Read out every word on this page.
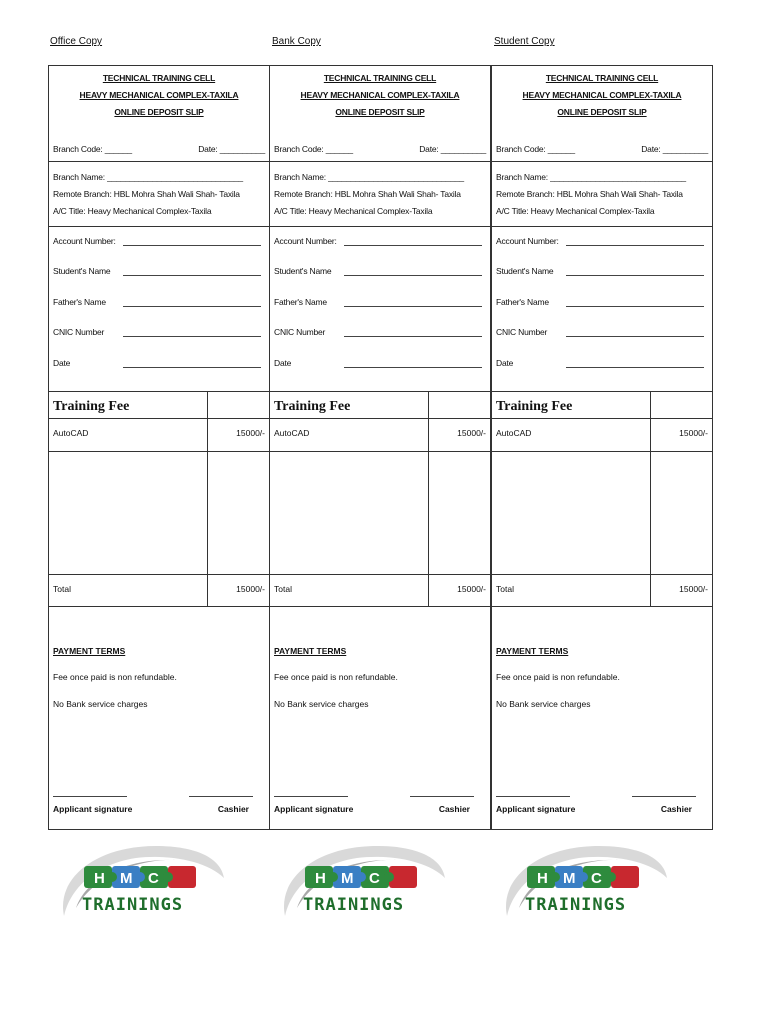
Office Copy	Bank Copy	Student Copy
TECHNICAL TRAINING CELL
HEAVY MECHANICAL COMPLEX-TAXILA
ONLINE DEPOSIT SLIP
Branch Code: ______	Date: __________
Branch Name: ______________________________
Remote Branch: HBL Mohra Shah Wali Shah- Taxila
A/C Title: Heavy Mechanical Complex-Taxila
Account Number:
Student's Name
Father's Name
CNIC Number
Date
Training Fee
AutoCAD	15000/-
Total	15000/-
PAYMENT TERMS
Fee once paid is non refundable.
No Bank service charges
Applicant signature	Cashier
H M C
TRAININGS
TECHNICAL TRAINING CELL
HEAVY MECHANICAL COMPLEX-TAXILA
ONLINE DEPOSIT SLIP
Branch Code: ______	Date: __________
Branch Name: ______________________________
Remote Branch: HBL Mohra Shah Wali Shah- Taxila
A/C Title: Heavy Mechanical Complex-Taxila
Account Number:
Student's Name
Father's Name
CNIC Number
Date
Training Fee
AutoCAD	15000/-
Total	15000/-
PAYMENT TERMS
Fee once paid is non refundable.
No Bank service charges
Applicant signature	Cashier
H M C
TRAININGS
TECHNICAL TRAINING CELL
HEAVY MECHANICAL COMPLEX-TAXILA
ONLINE DEPOSIT SLIP
Branch Code: ______	Date: __________
Branch Name: ______________________________
Remote Branch: HBL Mohra Shah Wali Shah- Taxila
A/C Title: Heavy Mechanical Complex-Taxila
Account Number:
Student's Name
Father's Name
CNIC Number
Date
Training Fee
AutoCAD	15000/-
Total	15000/-
PAYMENT TERMS
Fee once paid is non refundable.
No Bank service charges
Applicant signature	Cashier
H M C
TRAININGS
